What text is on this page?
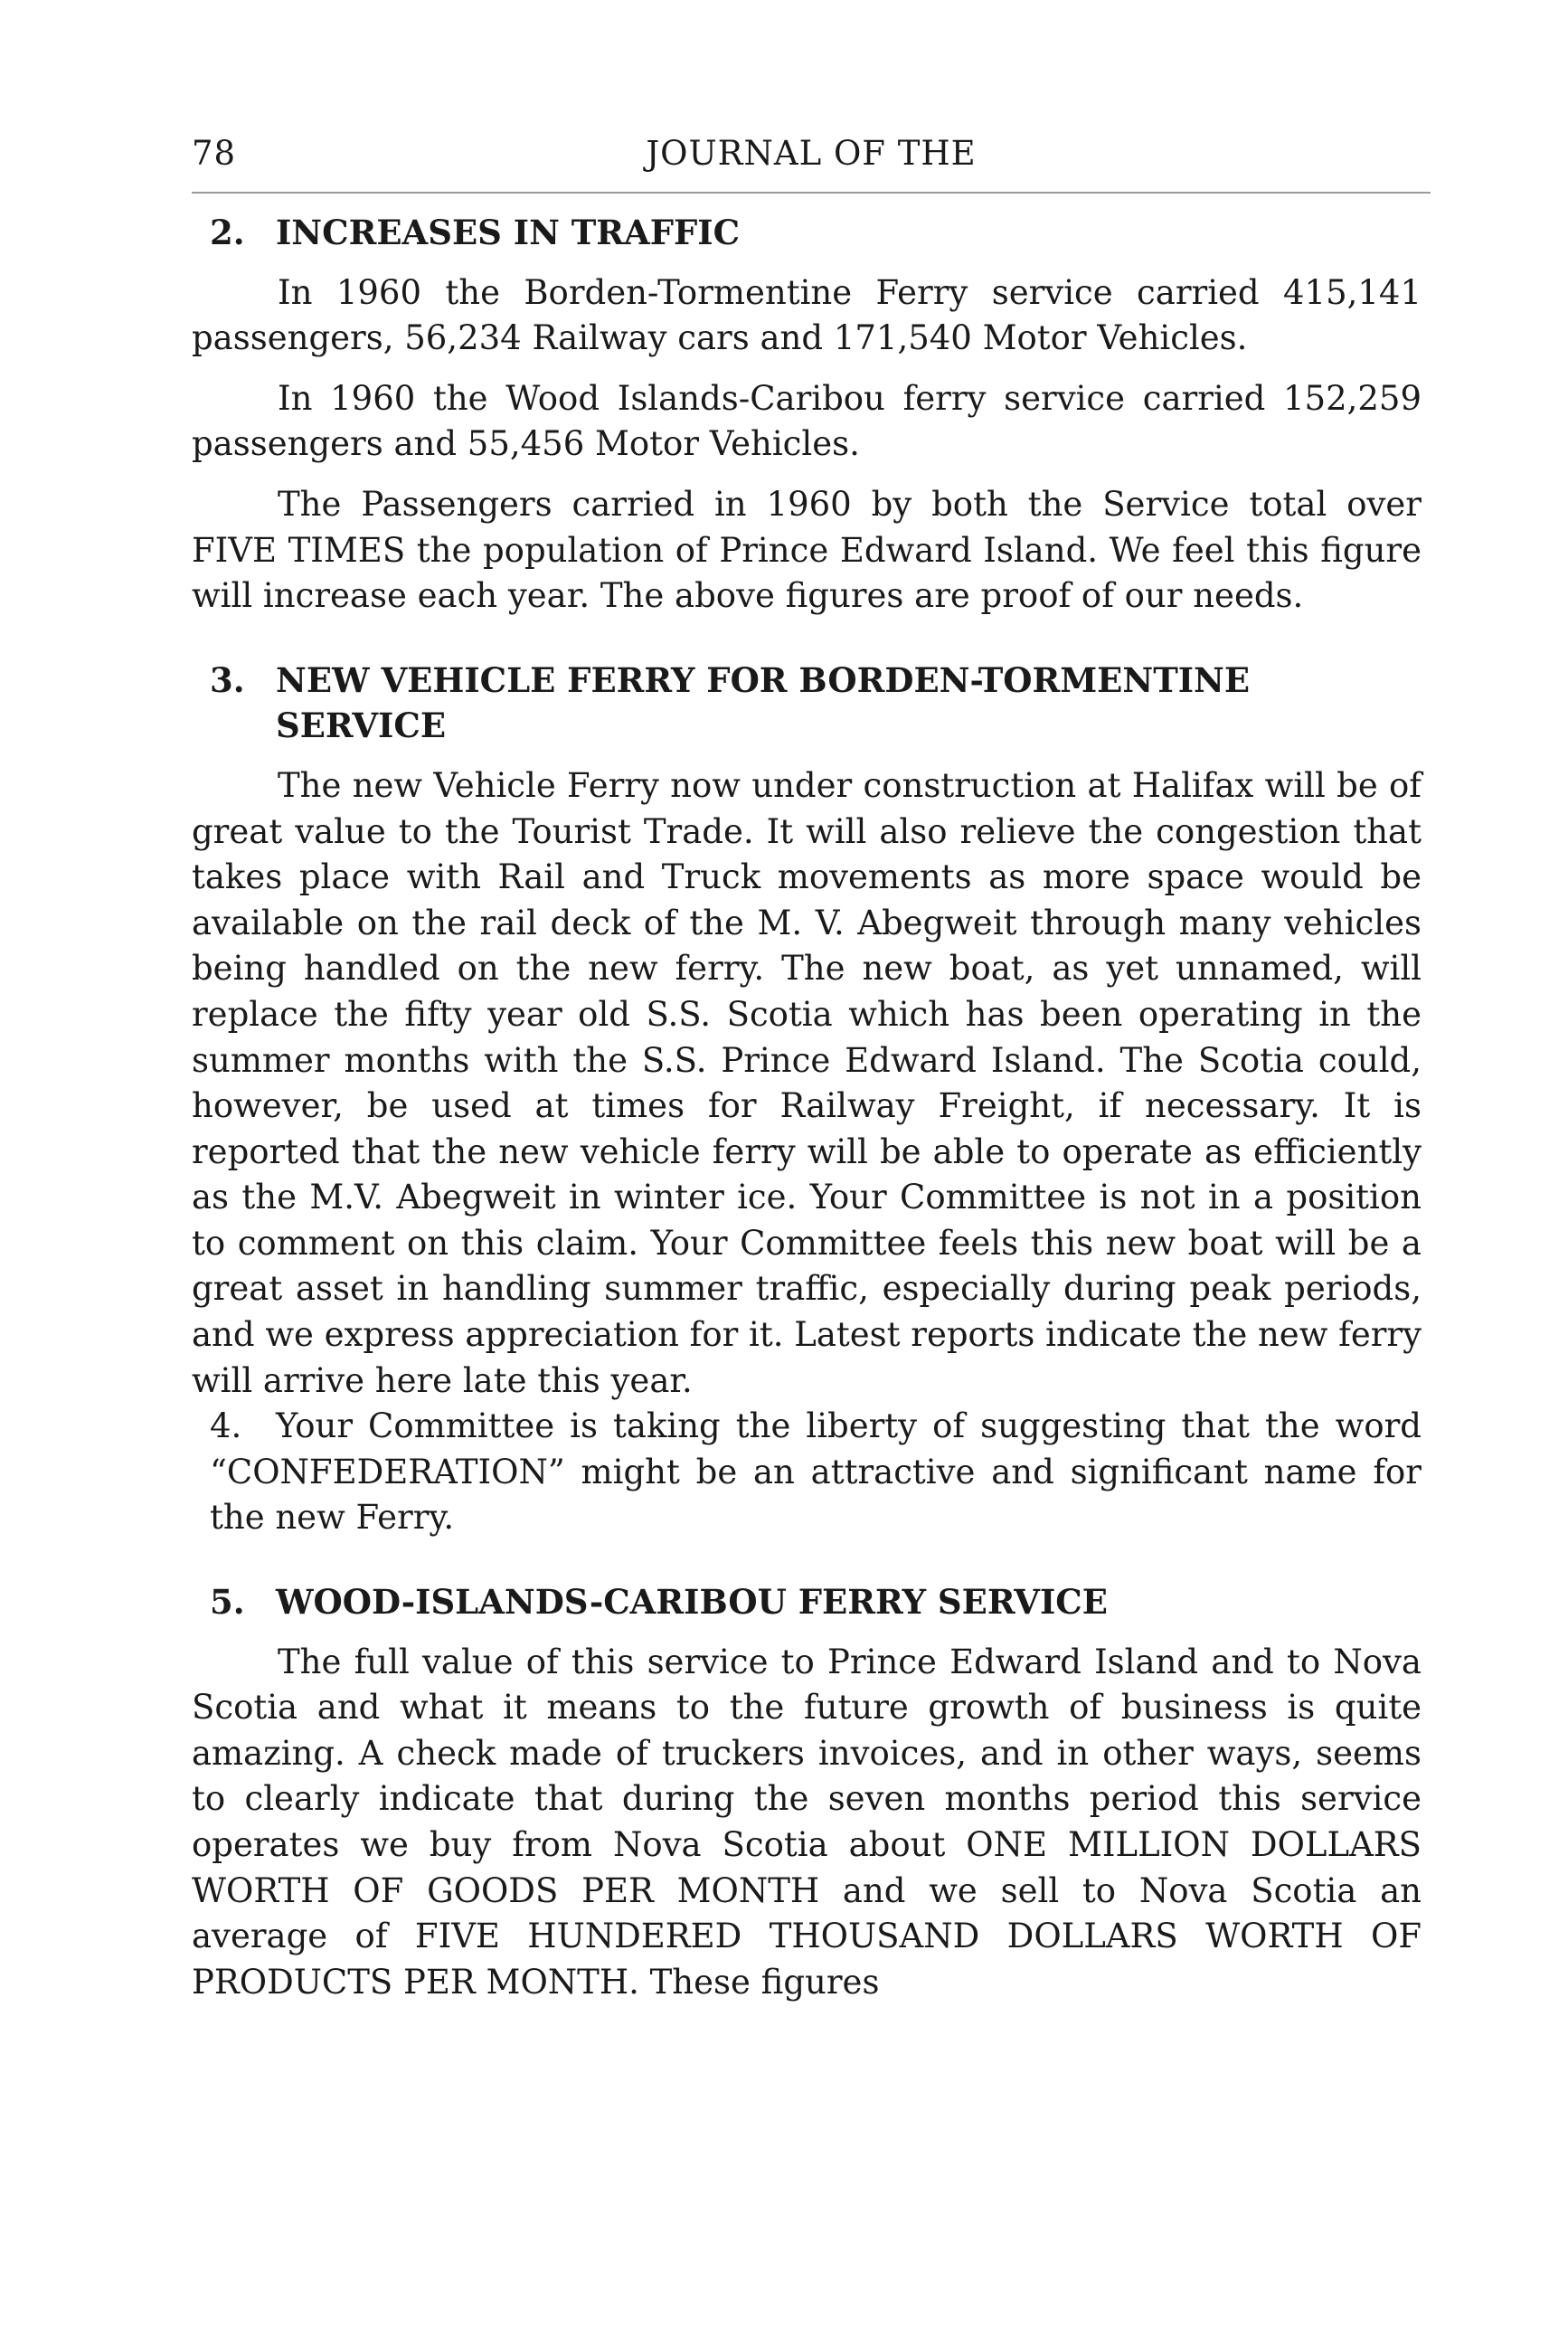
78	JOURNAL OF THE
2. INCREASES IN TRAFFIC

In 1960 the Borden-Tormentine Ferry service carried 415,141 passengers, 56,234 Railway cars and 171,540 Motor Vehicles.

In 1960 the Wood Islands-Caribou ferry service carried 152,259 passengers and 55,456 Motor Vehicles.

The Passengers carried in 1960 by both the Service total over FIVE TIMES the population of Prince Edward Island. We feel this figure will increase each year. The above figures are proof of our needs.

3. NEW VEHICLE FERRY FOR BORDEN-TORMENTINE SERVICE

The new Vehicle Ferry now under construction at Halifax will be of great value to the Tourist Trade. It will also relieve the congestion that takes place with Rail and Truck movements as more space would be available on the rail deck of the M. V. Abegweit through many vehicles being handled on the new ferry. The new boat, as yet unnamed, will replace the fifty year old S.S. Scotia which has been operating in the summer months with the S.S. Prince Edward Island. The Scotia could, however, be used at times for Railway Freight, if necessary. It is reported that the new vehicle ferry will be able to operate as efficiently as the M.V. Abegweit in winter ice. Your Committee is not in a position to comment on this claim. Your Committee feels this new boat will be a great asset in handling summer traffic, especially during peak periods, and we express appreciation for it. Latest reports indicate the new ferry will arrive here late this year.

4. Your Committee is taking the liberty of suggesting that the word “CONFEDERATION” might be an attractive and significant name for the new Ferry.

5. WOOD-ISLANDS-CARIBOU FERRY SERVICE

The full value of this service to Prince Edward Island and to Nova Scotia and what it means to the future growth of business is quite amazing. A check made of truckers invoices, and in other ways, seems to clearly indicate that during the seven months period this service operates we buy from Nova Scotia about ONE MILLION DOLLARS WORTH OF GOODS PER MONTH and we sell to Nova Scotia an average of FIVE HUNDERED THOUSAND DOLLARS WORTH OF PRODUCTS PER MONTH. These figures
